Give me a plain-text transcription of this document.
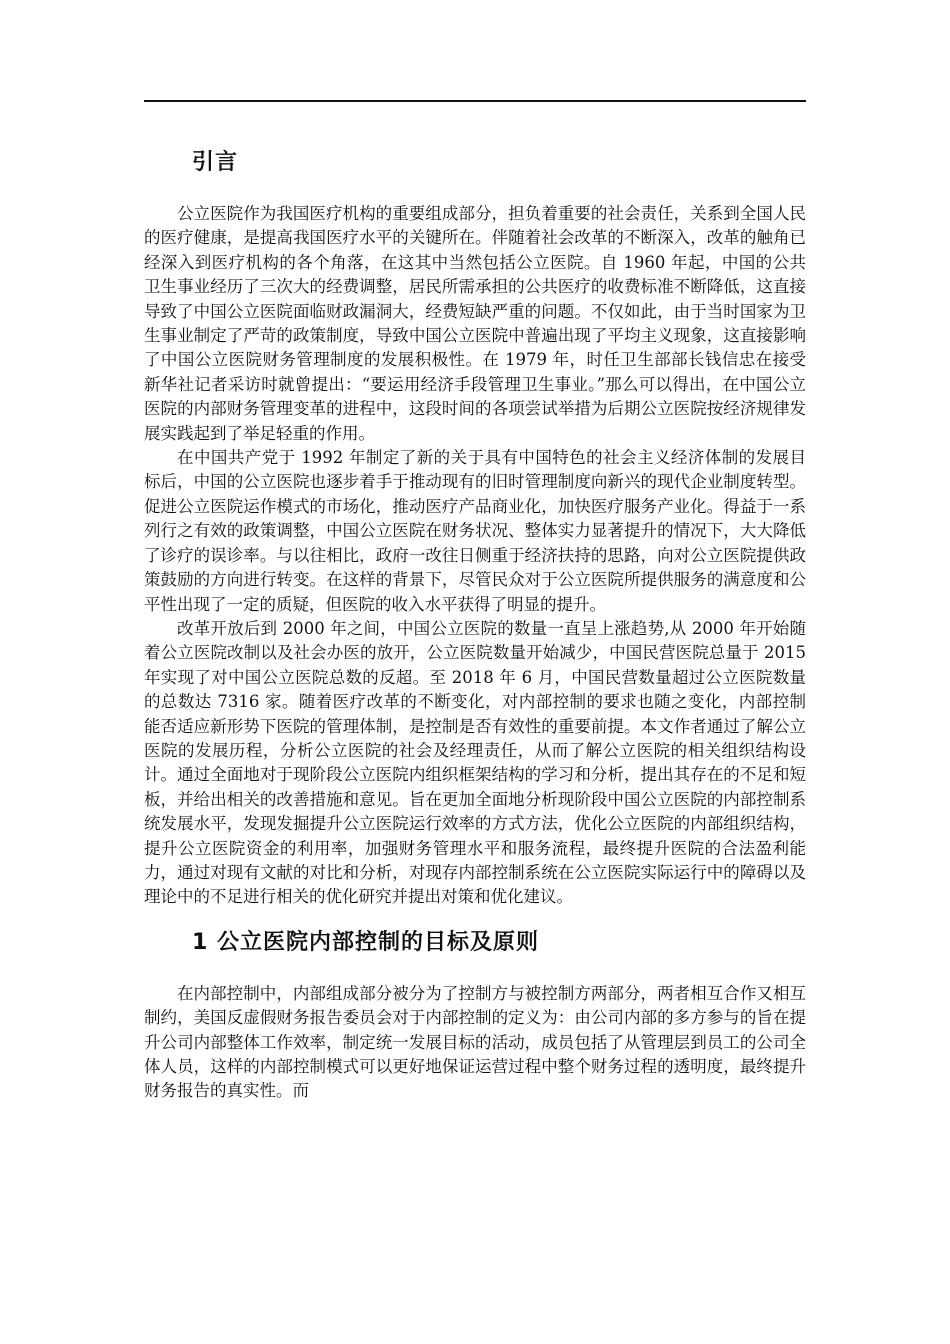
引言

公立医院作为我国医疗机构的重要组成部分，担负着重要的社会责任，关系到全国人民的医疗健康，是提高我国医疗水平的关键所在。伴随着社会改革的不断深入，改革的触角已经深入到医疗机构的各个角落，在这其中当然包括公立医院。自 1960 年起，中国的公共卫生事业经历了三次大的经费调整，居民所需承担的公共医疗的收费标准不断降低，这直接导致了中国公立医院面临财政漏洞大，经费短缺严重的问题。不仅如此，由于当时国家为卫生事业制定了严苛的政策制度，导致中国公立医院中普遍出现了平均主义现象，这直接影响了中国公立医院财务管理制度的发展积极性。在 1979 年，时任卫生部部长钱信忠在接受新华社记者采访时就曾提出：“要运用经济手段管理卫生事业。”那么可以得出，在中国公立医院的内部财务管理变革的进程中，这段时间的各项尝试举措为后期公立医院按经济规律发展实践起到了举足轻重的作用。

在中国共产党于 1992 年制定了新的关于具有中国特色的社会主义经济体制的发展目标后，中国的公立医院也逐步着手于推动现有的旧时管理制度向新兴的现代企业制度转型。促进公立医院运作模式的市场化，推动医疗产品商业化，加快医疗服务产业化。得益于一系列行之有效的政策调整，中国公立医院在财务状况、整体实力显著提升的情况下，大大降低了诊疗的误诊率。与以往相比，政府一改往日侧重于经济扶持的思路，向对公立医院提供政策鼓励的方向进行转变。在这样的背景下，尽管民众对于公立医院所提供服务的满意度和公平性出现了一定的质疑，但医院的收入水平获得了明显的提升。

改革开放后到 2000 年之间，中国公立医院的数量一直呈上涨趋势,从 2000 年开始随着公立医院改制以及社会办医的放开，公立医院数量开始减少，中国民营医院总量于 2015 年实现了对中国公立医院总数的反超。至 2018 年 6 月，中国民营数量超过公立医院数量的总数达 7316 家。随着医疗改革的不断变化，对内部控制的要求也随之变化，内部控制能否适应新形势下医院的管理体制，是控制是否有效性的重要前提。本文作者通过了解公立医院的发展历程，分析公立医院的社会及经理责任，从而了解公立医院的相关组织结构设计。通过全面地对于现阶段公立医院内组织框架结构的学习和分析，提出其存在的不足和短板，并给出相关的改善措施和意见。旨在更加全面地分析现阶段中国公立医院的内部控制系统发展水平，发现发掘提升公立医院运行效率的方式方法，优化公立医院的内部组织结构，提升公立医院资金的利用率，加强财务管理水平和服务流程，最终提升医院的合法盈利能力，通过对现有文献的对比和分析，对现存内部控制系统在公立医院实际运行中的障碍以及理论中的不足进行相关的优化研究并提出对策和优化建议。

1 公立医院内部控制的目标及原则

在内部控制中，内部组成部分被分为了控制方与被控制方两部分，两者相互合作又相互制约，美国反虚假财务报告委员会对于内部控制的定义为：由公司内部的多方参与的旨在提升公司内部整体工作效率，制定统一发展目标的活动，成员包括了从管理层到员工的公司全体人员，这样的内部控制模式可以更好地保证运营过程中整个财务过程的透明度，最终提升财务报告的真实性。而
